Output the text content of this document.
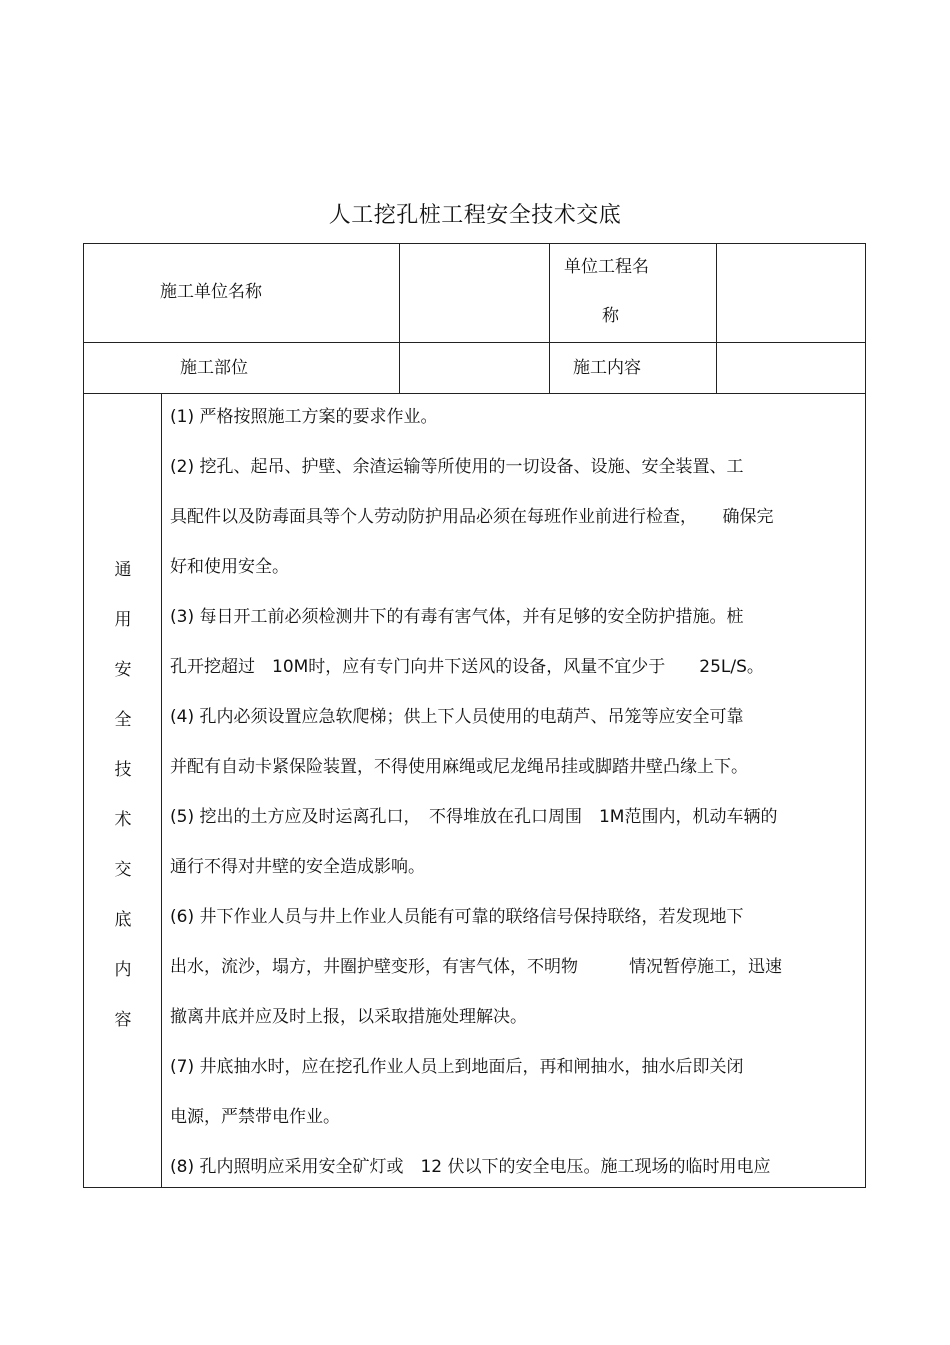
人工挖孔桩工程安全技术交底
施工单位名称
单位工程名
称
施工部位	施工内容
通
用
安
全
技
术
交
底
内
容
(1) 严格按照施工方案的要求作业。
(2) 挖孔、起吊、护壁、余渣运输等所使用的一切设备、设施、安全装置、工
具配件以及防毒面具等个人劳动防护用品必须在每班作业前进行检查，　　确保完
好和使用安全。
(3) 每日开工前必须检测井下的有毒有害气体，并有足够的安全防护措施。桩
孔开挖超过　10M时，应有专门向井下送风的设备，风量不宜少于　　25L/S。
(4) 孔内必须设置应急软爬梯；供上下人员使用的电葫芦、吊笼等应安全可靠
并配有自动卡紧保险装置，不得使用麻绳或尼龙绳吊挂或脚踏井壁凸缘上下。
(5) 挖出的土方应及时运离孔口，　不得堆放在孔口周围　1M范围内，机动车辆的
通行不得对井壁的安全造成影响。
(6) 井下作业人员与井上作业人员能有可靠的联络信号保持联络，若发现地下
出水，流沙，塌方，井圈护壁变形，有害气体，不明物　　　情况暂停施工，迅速
撤离井底并应及时上报，以采取措施处理解决。
(7) 井底抽水时，应在挖孔作业人员上到地面后，再和闸抽水，抽水后即关闭
电源，严禁带电作业。
(8) 孔内照明应采用安全矿灯或　12 伏以下的安全电压。施工现场的临时用电应
